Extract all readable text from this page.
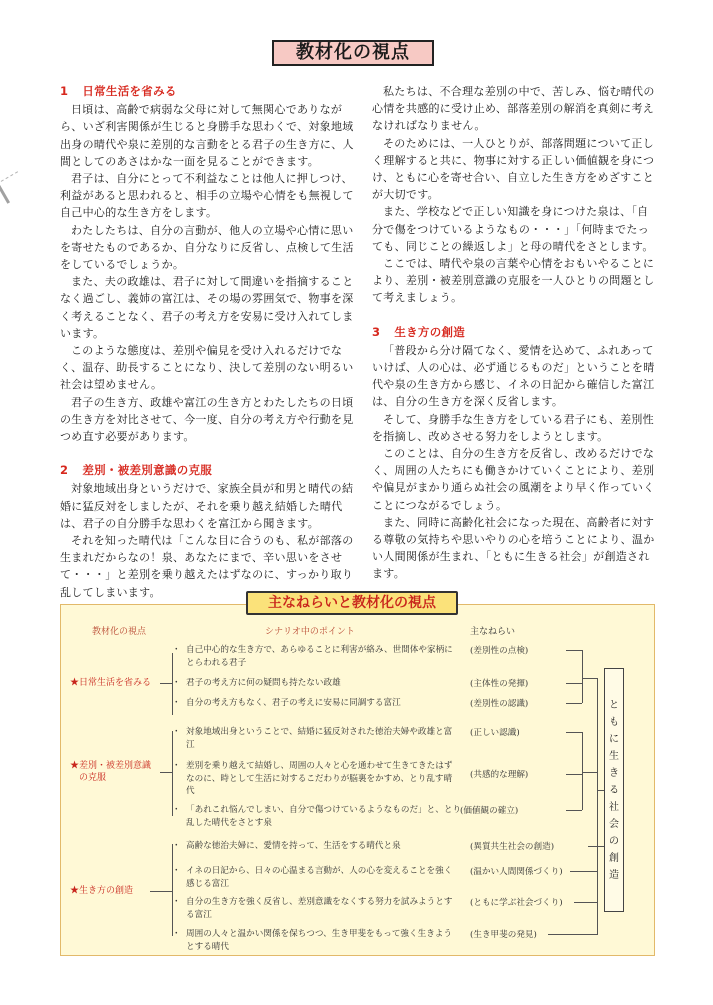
教材化の視点
1 日常生活を省みる

日頃は、高齢で病弱な父母に対して無関心でありながら、いざ利害関係が生じると身勝手な思わくで、対象地域出身の晴代や泉に差別的な言動をとる君子の生き方に、人間としてのあさはかな一面を見ることができます。

君子は、自分にとって不利益なことは他人に押しつけ、利益があると思われると、相手の立場や心情をも無視して自己中心的な生き方をします。

わたしたちは、自分の言動が、他人の立場や心情に思いを寄せたものであるか、自分なりに反省し、点検して生活をしているでしょうか。

また、夫の政雄は、君子に対して間違いを指摘することなく過ごし、義姉の富江は、その場の雰囲気で、物事を深く考えることなく、君子の考え方を安易に受け入れてしまいます。

このような態度は、差別や偏見を受け入れるだけでなく、温存、助長することになり、決して差別のない明るい社会は望めません。

君子の生き方、政雄や富江の生き方とわたしたちの日頃の生き方を対比させて、今一度、自分の考え方や行動を見つめ直す必要があります。

2 差別・被差別意識の克服

対象地域出身というだけで、家族全員が和男と晴代の結婚に猛反対をしましたが、それを乗り越え結婚した晴代は、君子の自分勝手な思わくを富江から聞きます。

それを知った晴代は「こんな目に合うのも、私が部落の生まれだからなの！泉、あなたにまで、辛い思いをさせて・・・」と差別を乗り越えたはずなのに、すっかり取り乱してしまいます。

私たちは、不合理な差別の中で、苦しみ、悩む晴代の心情を共感的に受け止め、部落差別の解消を真剣に考えなければなりません。

そのためには、一人ひとりが、部落問題について正しく理解すると共に、物事に対する正しい価値観を身につけ、ともに心を寄せ合い、自立した生き方をめざすことが大切です。

また、学校などで正しい知識を身につけた泉は、「自分で傷をつけているようなもの・・・」「何時までたっても、同じことの繰返しよ」と母の晴代をさとします。

ここでは、晴代や泉の言葉や心情をおもいやることにより、差別・被差別意識の克服を一人ひとりの問題として考えましょう。

3 生き方の創造

「普段から分け隔てなく、愛情を込めて、ふれあっていけば、人の心は、必ず通じるものだ」ということを晴代や泉の生き方から感じ、イネの日記から確信した富江は、自分の生き方を深く反省します。

そして、身勝手な生き方をしている君子にも、差別性を指摘し、改めさせる努力をしようとします。

このことは、自分の生き方を反省し、改めるだけでなく、周囲の人たちにも働きかけていくことにより、差別や偏見がまかり通らぬ社会の風潮をより早く作っていくことにつながるでしょう。

また、同時に高齢化社会になった現在、高齢者に対する尊敬の気持ちや思いやりの心を培うことにより、温かい人間関係が生まれ、「ともに生きる社会」が創造されます。

主なねらいと教材化の視点
教材化の視点	シナリオ中のポイント	主なねらい
★日常生活を省みる
★差別・被差別意識
　の克服
★生き方の創造
・ 自己中心的な生き方で、あらゆることに利害が絡み、世間体や家柄にとらわれる君子
・ 君子の考え方に何の疑問も持たない政雄
・ 自分の考え方もなく、君子の考えに安易に同調する富江
・ 対象地域出身ということで、結婚に猛反対された徳治夫婦や政雄と富江
・ 差別を乗り越えて結婚し、周囲の人々と心を通わせて生きてきたはずなのに、時として生活に対するこだわりが脳裏をかすめ、とり乱す晴代
・ 「あれこれ悩んでしまい、自分で傷つけているようなものだ」と、とり乱した晴代をさとす泉
・ 高齢な徳治夫婦に、愛情を持って、生活をする晴代と泉
・ イネの日記から、日々の心温まる言動が、人の心を変えることを強く感じる富江
・ 自分の生き方を強く反省し、差別意識をなくする努力を試みようとする富江
・ 周囲の人々と温かい関係を保ちつつ、生き甲斐をもって強く生きようとする晴代
(差別性の点検)
(主体性の発揮)
(差別性の認識)
(正しい認識)
(共感的な理解)
(価値観の確立)
(異質共生社会の創造)
(温かい人間関係づくり)
(ともに学ぶ社会づくり)
(生き甲斐の発見)
と
も
に
生
き
る
社
会
の
創
造
